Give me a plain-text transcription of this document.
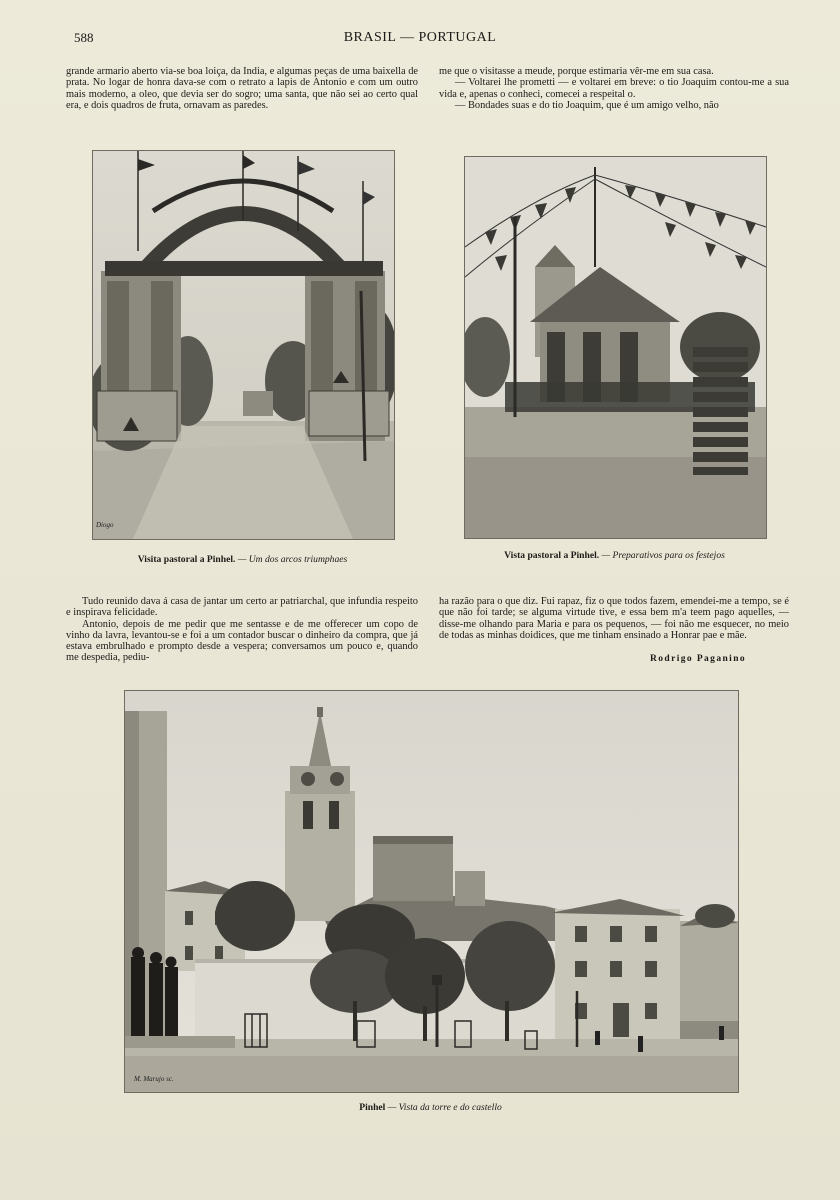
588	BRASIL — PORTUGAL

grande armario aberto via-se boa loiça, da India, e algumas peças de uma baixella de prata. No logar de honra dava-se com o retrato a lapis de Antonio e com um outro mais moderno, a oleo, que devia ser do sogro; uma santa, que não sei ao certo qual era, e dois quadros de fruta, ornavam as paredes.

me que o visitasse a meude, porque estimaria vêr-me em sua casa.

— Voltarei lhe prometti — e voltarei em breve: o tio Joaquim contou-me a sua vida e, apenas o conheci, comecei a respeital o.

— Bondades suas e do tio Joaquim, que é um amigo velho, não

Diogo
Visita pastoral a Pinhel. — Um dos arcos triumphaes	Vista pastoral a Pinhel. — Preparativos para os festejos

Tudo reunido dava á casa de jantar um certo ar patriarchal, que infundia respeito e inspirava felicidade.

Antonio, depois de me pedir que me sentasse e de me offerecer um copo de vinho da lavra, levantou-se e foi a um contador buscar o dinheiro da compra, que já estava embrulhado e prompto desde a vespera; conversamos um pouco e, quando me despedia, pediu-

ha razão para o que diz. Fui rapaz, fiz o que todos fazem, emendei-me a tempo, se é que não foi tarde; se alguma virtude tive, e essa bem m'a teem pago aquelles, — disse-me olhando para Maria e para os pequenos, — foi não me esquecer, no meio de todas as minhas doidices, que me tinham ensinado a Honrar pae e mãe.

Rodrigo Paganino
M. Marujo sc.
Pinhel — Vista da torre e do castello
